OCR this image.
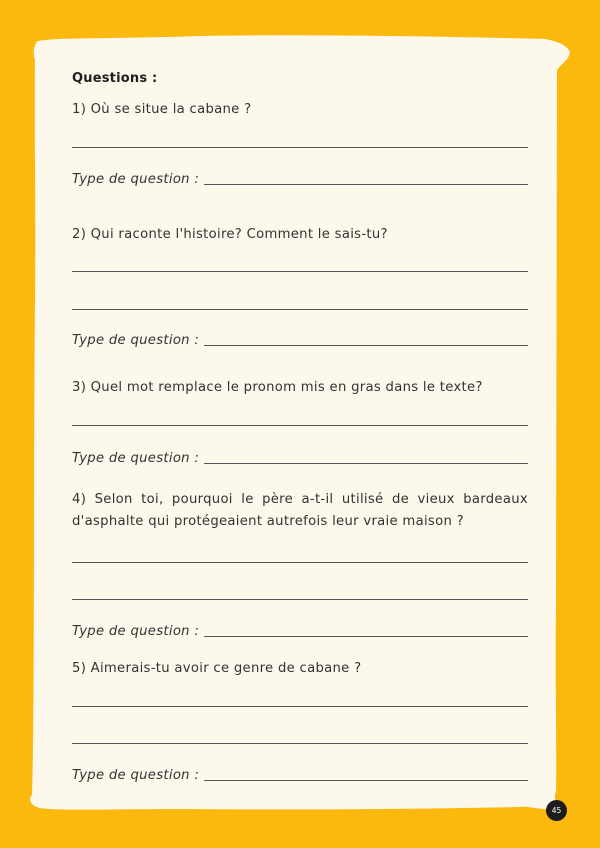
Questions :
1) Où se situe la cabane ?
Type de question :
2) Qui raconte l'histoire? Comment le sais-tu?
Type de question :
3) Quel mot remplace le pronom mis en gras dans le texte?
Type de question :
4) Selon toi, pourquoi le père a-t-il utilisé de vieux bardeaux d'asphalte qui protégeaient autrefois leur vraie maison ?
Type de question :
5) Aimerais-tu avoir ce genre de cabane ?
Type de question :
45
